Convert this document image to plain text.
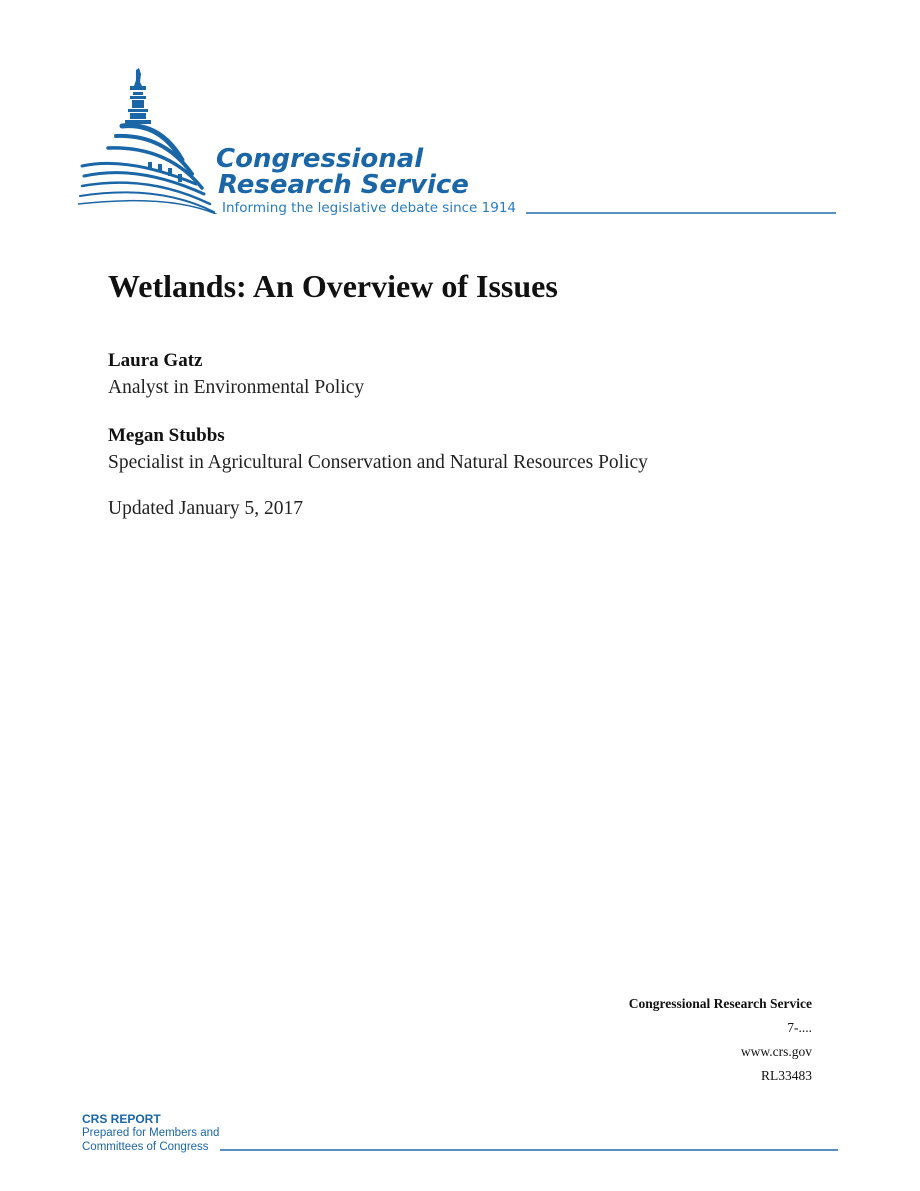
Congressional
Research Service
Informing the legislative debate since 1914
Wetlands: An Overview of Issues
Laura Gatz
Analyst in Environmental Policy
Megan Stubbs
Specialist in Agricultural Conservation and Natural Resources Policy
Updated January 5, 2017
Congressional Research Service
7-....
www.crs.gov
RL33483
CRS REPORT
Prepared for Members and
Committees of Congress
